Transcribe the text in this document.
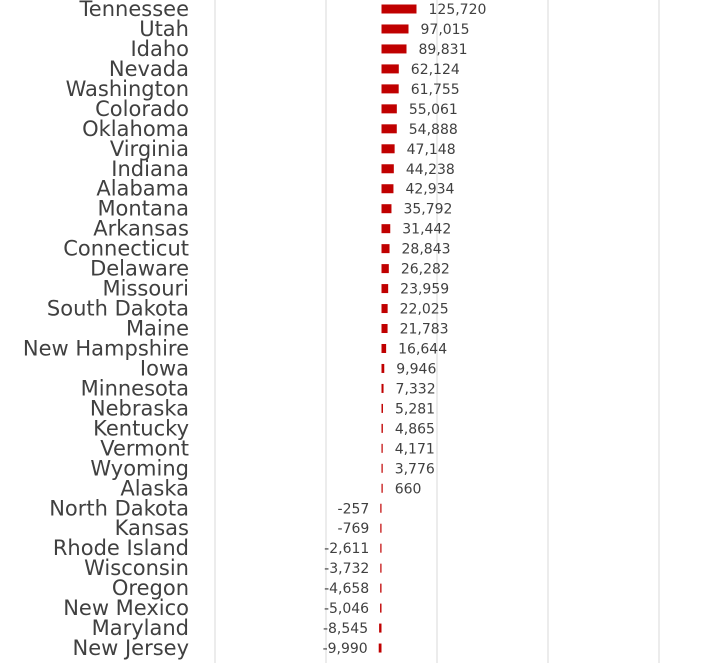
Tennessee
Utah
Idaho
Nevada
Washington
Colorado
Oklahoma
Virginia
Indiana
Alabama
Montana
Arkansas
Connecticut
Delaware
Missouri
South Dakota
Maine
New Hampshire
Iowa
Minnesota
Nebraska
Kentucky
Vermont
Wyoming
Alaska
North Dakota
Kansas
Rhode Island
Wisconsin
Oregon
New Mexico
Maryland
New Jersey
125,720
97,015
89,831
62,124
61,755
55,061
54,888
47,148
44,238
42,934
35,792
31,442
28,843
26,282
23,959
22,025
21,783
16,644
9,946
7,332
5,281
4,865
4,171
3,776
660
-257
-769
-2,611
-3,732
-4,658
-5,046
-8,545
-9,990
